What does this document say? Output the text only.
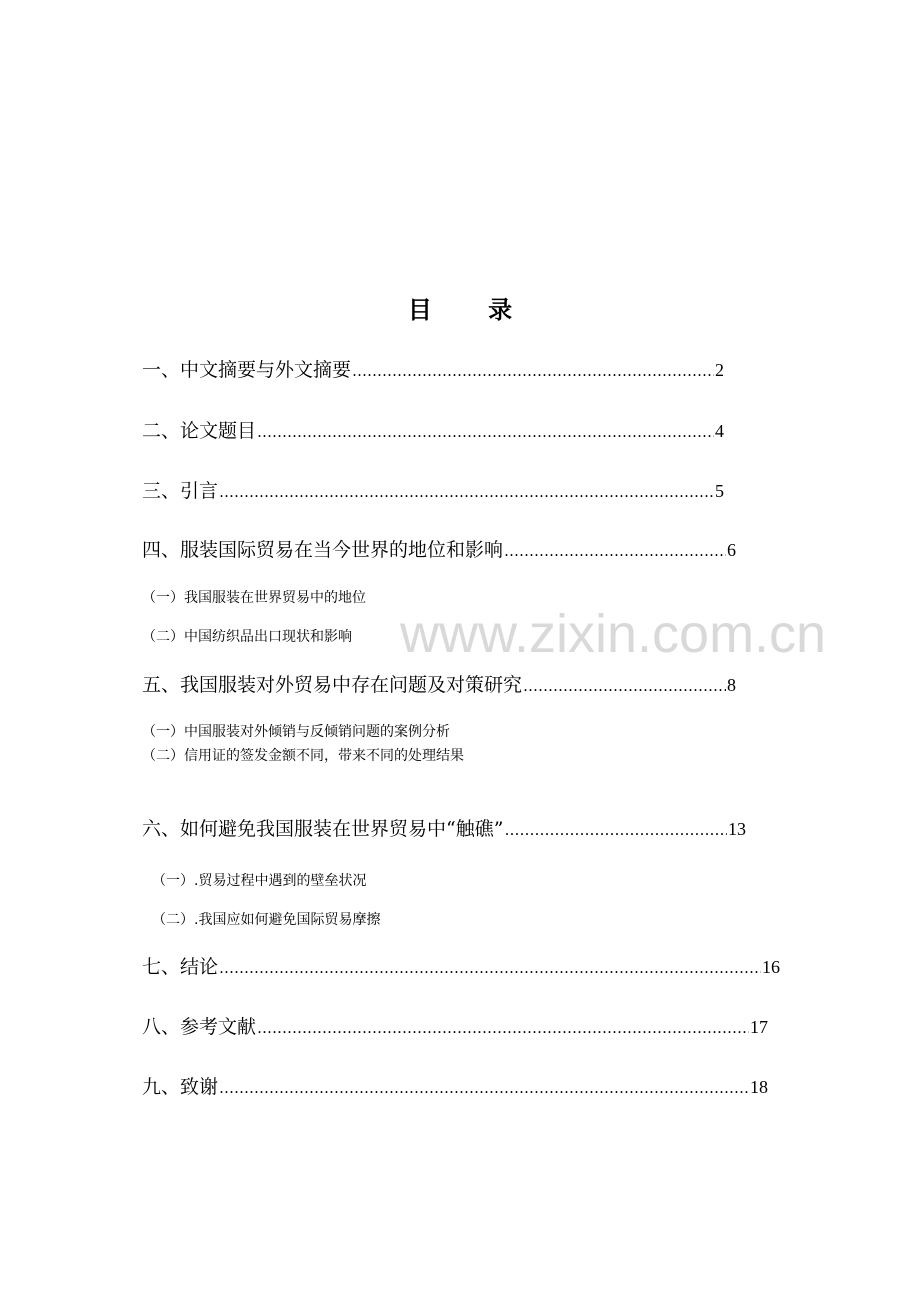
目 录
一、中文摘要与外文摘要 …………………………………………………………………………………………………………………………………………………………………………………………	2
二、论文题目 …………………………………………………………………………………………………………………………………………………………………………………………	4
三、引言 …………………………………………………………………………………………………………………………………………………………………………………………	5
四、服装国际贸易在当今世界的地位和影响 …………………………………………………………………………………………………………………………………………………………………………………………	6
（一）我国服装在世界贸易中的地位
（二）中国纺织品出口现状和影响 www.zixin.com.cn
五、我国服装对外贸易中存在问题及对策研究 …………………………………………………………………………………………………………………………………………………………………………………………	8
（一）中国服装对外倾销与反倾销问题的案例分析
（二）信用证的签发金额不同，带来不同的处理结果
六、如何避免我国服装在世界贸易中“触礁” …………………………………………………………………………………………………………………………………………………………………………………………	13
（一）.贸易过程中遇到的壁垒状况
（二）.我国应如何避免国际贸易摩擦
七、结论 …………………………………………………………………………………………………………………………………………………………………………………………	16
八、参考文献 …………………………………………………………………………………………………………………………………………………………………………………………	17
九、致谢 …………………………………………………………………………………………………………………………………………………………………………………………	18
